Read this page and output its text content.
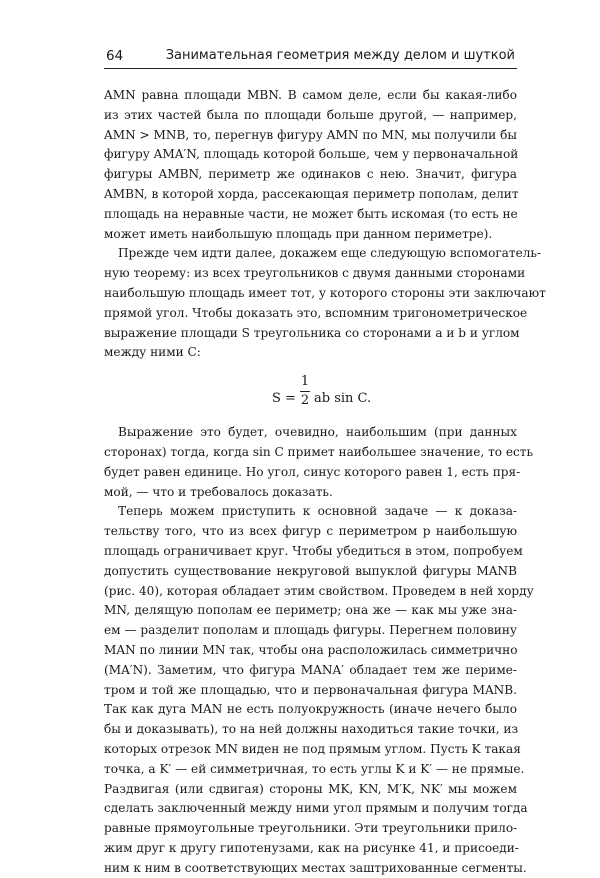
64	Занимательная геометрия между делом и шуткой
AMN равна площади MBN. В самом деле, если бы какая-либо
из этих частей была по площади больше другой, — например,
AMN > MNB, то, перегнув фигуру AMN по MN, мы получили бы
фигуру AMA′N, площадь которой больше, чем у первоначальной
фигуры AMBN, периметр же одинаков с нею. Значит, фигура
AMBN, в которой хорда, рассекающая периметр пополам, делит
площадь на неравные части, не может быть искомая (то есть не
может иметь наибольшую площадь при данном периметре).
Прежде чем идти далее, докажем еще следующую вспомогатель-
ную теорему: из всех треугольников с двумя данными сторонами
наибольшую площадь имеет тот, у которого стороны эти заключают
прямой угол. Чтобы доказать это, вспомним тригонометрическое
выражение площади S треугольника со сторонами a и b и углом
между ними C:
S =
1
2 ab sin C.
Выражение это будет, очевидно, наибольшим (при данных
сторонах) тогда, когда sin C примет наибольшее значение, то есть
будет равен единице. Но угол, синус которого равен 1, есть пря-
мой, — что и требовалось доказать.
Теперь можем приступить к основной задаче — к доказа-
тельству того, что из всех фигур с периметром p наибольшую
площадь ограничивает круг. Чтобы убедиться в этом, попробуем
допустить существование некруговой выпуклой фигуры MANB
(рис. 40), которая обладает этим свойством. Проведем в ней хорду
MN, делящую пополам ее периметр; она же — как мы уже зна-
ем — разделит пополам и площадь фигуры. Перегнем половину
MAN по линии MN так, чтобы она расположилась симметрично
(MA′N). Заметим, что фигура MANA′ обладает тем же периме-
тром и той же площадью, что и первоначальная фигура MANB.
Так как дуга MAN не есть полуокружность (иначе нечего было
бы и доказывать), то на ней должны находиться такие точки, из
которых отрезок MN виден не под прямым углом. Пусть K такая
точка, а K′ — ей симметричная, то есть углы K и K′ — не прямые.
Раздвигая (или сдвигая) стороны MK, KN, M′K, NK′ мы можем
сделать заключенный между ними угол прямым и получим тогда
равные прямоугольные треугольники. Эти треугольники прило-
жим друг к другу гипотенузами, как на рисунке 41, и присоеди-
ним к ним в соответствующих местах заштрихованные сегменты.
